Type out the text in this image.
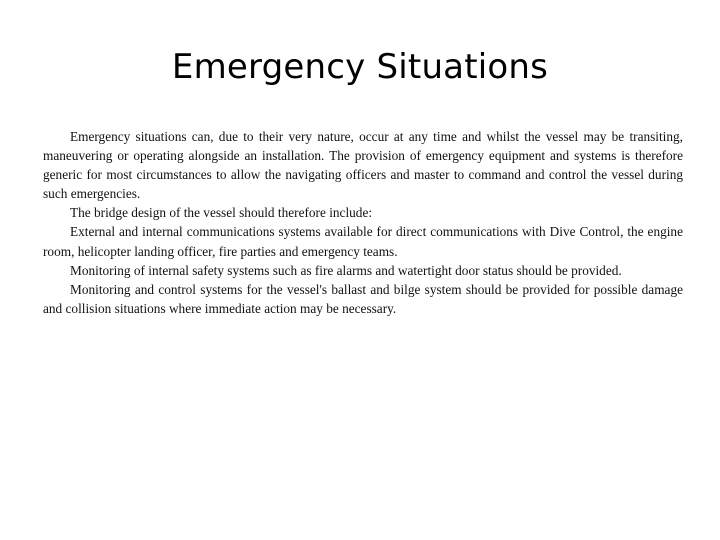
Emergency Situations

Emergency situations can, due to their very nature, occur at any time and whilst the vessel may be transiting, maneuvering or operating alongside an installation. The provision of emergency equipment and systems is therefore generic for most circumstances to allow the navigating officers and master to command and control the vessel during such emergencies.

The bridge design of the vessel should therefore include:

External and internal communications systems available for direct communications with Dive Control, the engine room, helicopter landing officer, fire parties and emergency teams.

Monitoring of internal safety systems such as fire alarms and watertight door status should be provided.

Monitoring and control systems for the vessel's ballast and bilge system should be provided for possible damage and collision situations where immediate action may be necessary.
